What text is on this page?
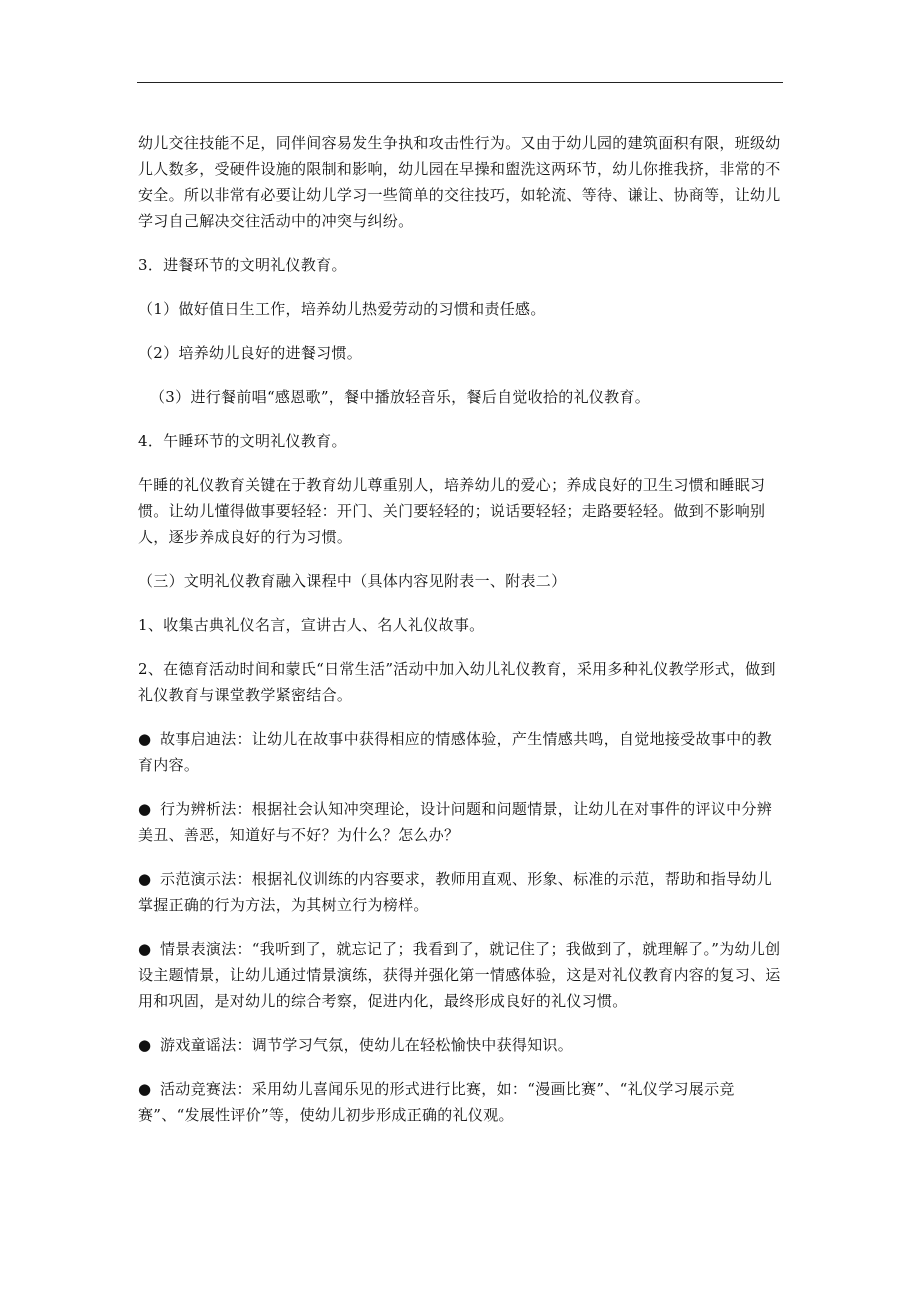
幼儿交往技能不足，同伴间容易发生争执和攻击性行为。又由于幼儿园的建筑面积有限，班级幼儿人数多，受硬件设施的限制和影响，幼儿园在早操和盥洗这两环节，幼儿你推我挤，非常的不安全。所以非常有必要让幼儿学习一些简单的交往技巧，如轮流、等待、谦让、协商等，让幼儿学习自己解决交往活动中的冲突与纠纷。

3．进餐环节的文明礼仪教育。

（1）做好值日生工作，培养幼儿热爱劳动的习惯和责任感。

（2）培养幼儿良好的进餐习惯。

（3）进行餐前唱“感恩歌”，餐中播放轻音乐，餐后自觉收拾的礼仪教育。

4．午睡环节的文明礼仪教育。

午睡的礼仪教育关键在于教育幼儿尊重别人，培养幼儿的爱心；养成良好的卫生习惯和睡眠习惯。让幼儿懂得做事要轻轻：开门、关门要轻轻的；说话要轻轻；走路要轻轻。做到不影响别人，逐步养成良好的行为习惯。

（三）文明礼仪教育融入课程中（具体内容见附表一、附表二）

1、收集古典礼仪名言，宣讲古人、名人礼仪故事。

2、在德育活动时间和蒙氏“日常生活”活动中加入幼儿礼仪教育，采用多种礼仪教学形式，做到礼仪教育与课堂教学紧密结合。

● 故事启迪法：让幼儿在故事中获得相应的情感体验，产生情感共鸣，自觉地接受故事中的教育内容。

● 行为辨析法：根据社会认知冲突理论，设计问题和问题情景，让幼儿在对事件的评议中分辨美丑、善恶，知道好与不好？为什么？怎么办？

● 示范演示法：根据礼仪训练的内容要求，教师用直观、形象、标准的示范，帮助和指导幼儿掌握正确的行为方法，为其树立行为榜样。

● 情景表演法：“我听到了，就忘记了；我看到了，就记住了；我做到了，就理解了。”为幼儿创设主题情景，让幼儿通过情景演练，获得并强化第一情感体验，这是对礼仪教育内容的复习、运用和巩固，是对幼儿的综合考察，促进内化，最终形成良好的礼仪习惯。

● 游戏童谣法：调节学习气氛，使幼儿在轻松愉快中获得知识。

● 活动竞赛法：采用幼儿喜闻乐见的形式进行比赛，如：“漫画比赛”、“礼仪学习展示竞赛”、“发展性评价”等，使幼儿初步形成正确的礼仪观。
